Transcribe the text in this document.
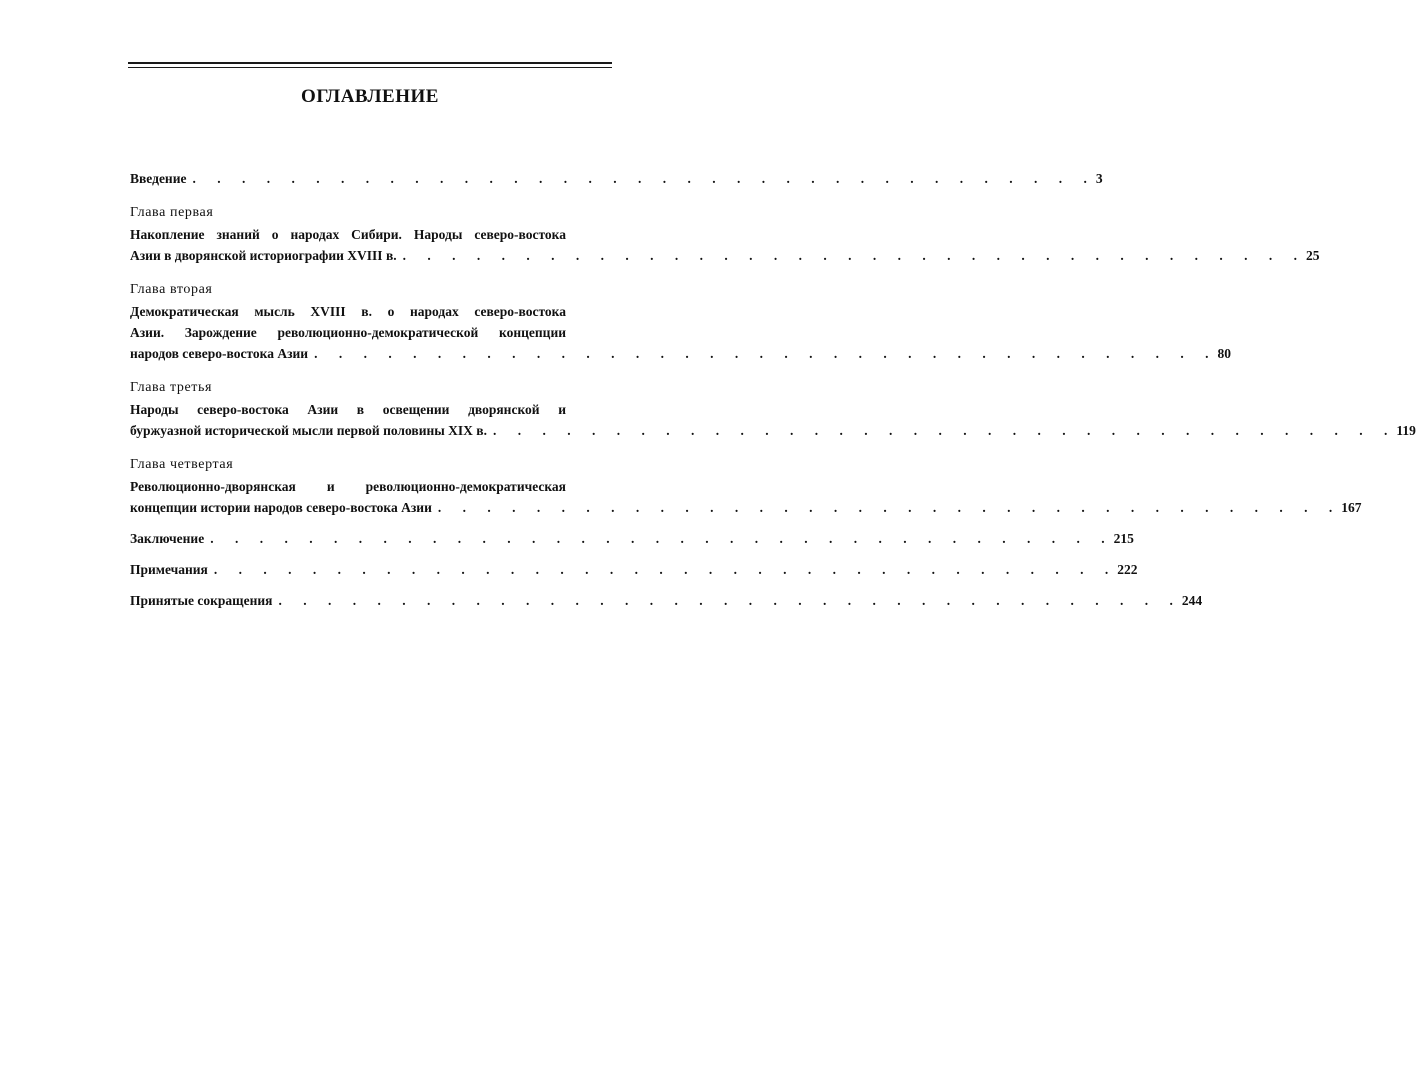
ОГЛАВЛЕНИЕ
Введение . . . . . . . . . . . . . . . . . . . . . . . . . . . . . . . . . . . . . 3
Глава первая
Накопление знаний о народах Сибири. Народы северо-востока
Азии в дворянской историографии XVIII в. . . . . . . . . . . . . . . . . . . . . . . . . . . . . . . . . . . . . . 25
Глава вторая
Демократическая мысль XVIII в. о народах северо-востока
Азии. Зарождение революционно-демократической концепции
народов северо-востока Азии . . . . . . . . . . . . . . . . . . . . . . . . . . . . . . . . . . . . . 80
Глава третья
Народы северо-востока Азии в освещении дворянской и
буржуазной исторической мысли первой половины XIX в. . . . . . . . . . . . . . . . . . . . . . . . . . . . . . . . . . . . . . 119
Глава четвертая
Революционно-дворянская и революционно-демократическая
концепции истории народов северо-востока Азии . . . . . . . . . . . . . . . . . . . . . . . . . . . . . . . . . . . . . 167
Заключение . . . . . . . . . . . . . . . . . . . . . . . . . . . . . . . . . . . . . 215
Примечания . . . . . . . . . . . . . . . . . . . . . . . . . . . . . . . . . . . . . 222
Принятые сокращения . . . . . . . . . . . . . . . . . . . . . . . . . . . . . . . . . . . . . 244
